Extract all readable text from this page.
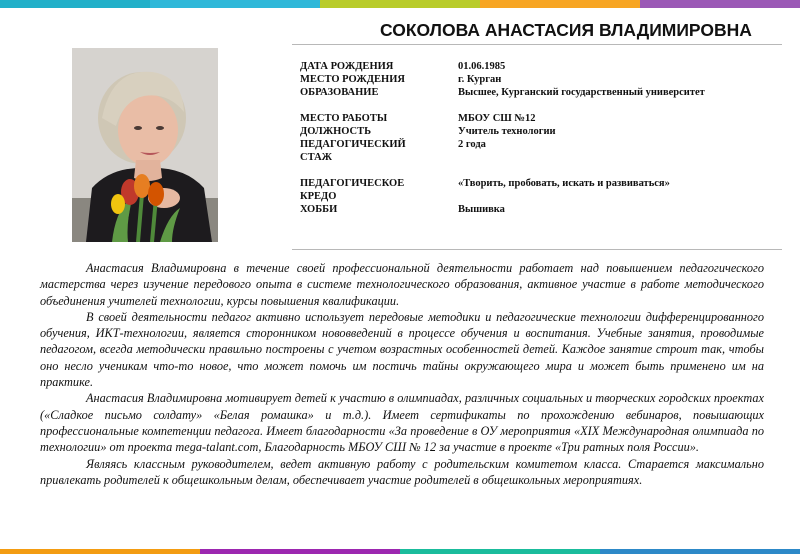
СОКОЛОВА АНАСТАСИЯ ВЛАДИМИРОВНА
ДАТА РОЖДЕНИЯ	01.06.1985
МЕСТО РОЖДЕНИЯ	г. Курган
ОБРАЗОВАНИЕ	Высшее, Курганский государственный университет
МЕСТО РАБОТЫ	МБОУ СШ №12
ДОЛЖНОСТЬ	Учитель технологии
ПЕДАГОГИЧЕСКИЙ	2 года
СТАЖ
ПЕДАГОГИЧЕСКОЕ	«Творить, пробовать, искать и развиваться»
КРЕДО
ХОББИ	Вышивка

Анастасия Владимировна в течение своей профессиональной деятельности работает над повышением педагогического мастерства через изучение передового опыта в системе технологического образования, активное участие в работе методического объединения учителей технологии, курсы повышения квалификации.

В своей деятельности педагог активно использует передовые методики и педагогические технологии дифференцированного обучения, ИКТ-технологии, является сторонником нововведений в процессе обучения и воспитания. Учебные занятия, проводимые педагогом, всегда методически правильно построены с учетом возрастных особенностей детей. Каждое занятие строит так, чтобы оно несло ученикам что-то новое, что может помочь им постичь тайны окружающего мира и может быть применено им на практике.

Анастасия Владимировна мотивирует детей к участию в олимпиадах, различных социальных и творческих городских проектах («Сладкое письмо солдату» «Белая ромашка» и т.д.). Имеет сертификаты по прохождению вебинаров, повышающих профессиональные компетенции педагога. Имеет благодарности «За проведение в ОУ мероприятия «XIX Международная олимпиада по технологии» от проекта mega-talant.com, Благодарность МБОУ СШ № 12 за участие в проекте «Три ратных поля России».

Являясь классным руководителем, ведет активную работу с родительским комитетом класса. Старается максимально привлекать родителей к общешкольным делам, обеспечивает участие родителей в общешкольных мероприятиях.
